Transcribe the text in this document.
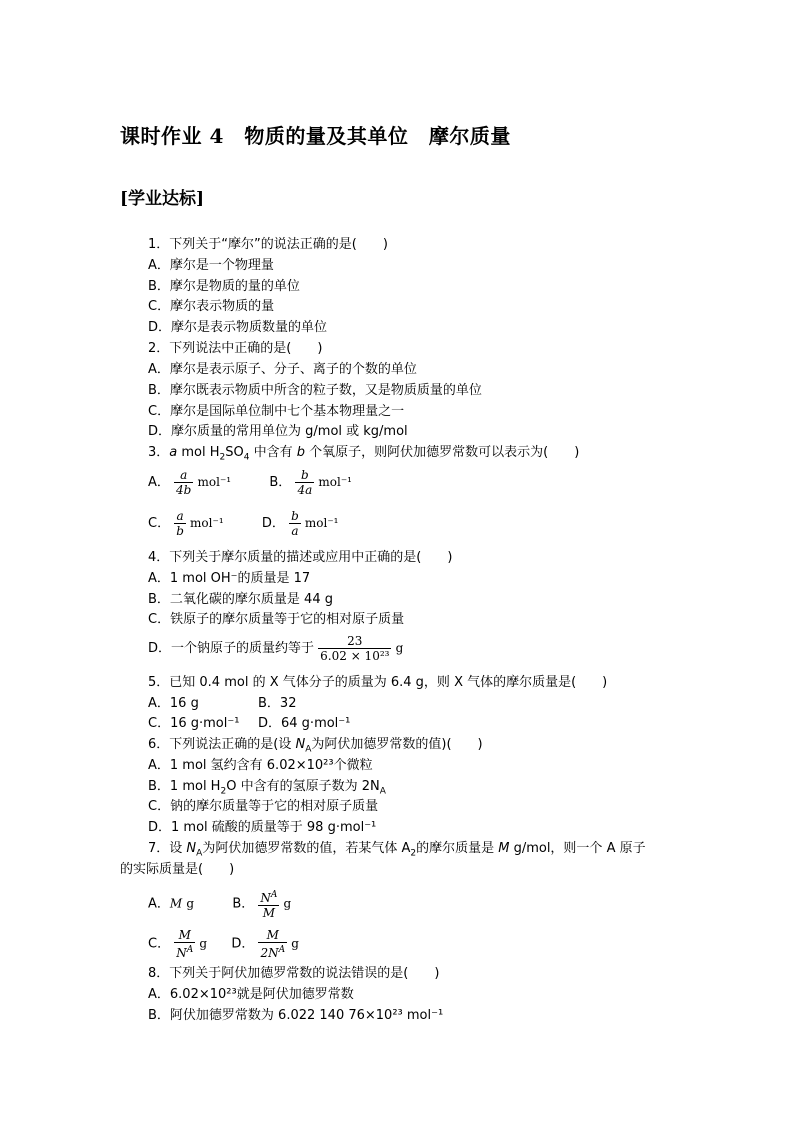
课时作业 4　物质的量及其单位　摩尔质量
[学业达标]
1．下列关于“摩尔”的说法正确的是(　　)
A．摩尔是一个物理量
B．摩尔是物质的量的单位
C．摩尔表示物质的量
D．摩尔是表示物质数量的单位
2．下列说法中正确的是(　　)
A．摩尔是表示原子、分子、离子的个数的单位
B．摩尔既表示物质中所含的粒子数，又是物质质量的单位
C．摩尔是国际单位制中七个基本物理量之一
D．摩尔质量的常用单位为 g/mol 或 kg/mol
3．a mol $H_2SO_4$ 中含有 b 个氧原子，则阿伏加德罗常数可以表示为(　　)
A． $\frac{a}{4b} mol^{-1}$	B． $\frac{b}{4a} mol^{-1}$
C． $\frac{a}{b} mol^{-1}$	D． $\frac{b}{a} mol^{-1}$
4．下列关于摩尔质量的描述或应用中正确的是(　　)
A．1 mol OH⁻的质量是 17
B．二氧化碳的摩尔质量是 44 g
C．铁原子的摩尔质量等于它的相对原子质量
D．一个钠原子的质量约等于 $\frac{23}{\text{6.02 × 10²³}}$ g
5．已知 0.4 mol 的 X 气体分子的质量为 6.4 g，则 X 气体的摩尔质量是(　　)
A．16 g	B．32
C．16 g·mol⁻¹ D．64 g·mol⁻¹
6．下列说法正确的是(设 $N_A$为阿伏加德罗常数的值)(　　)
A．1 mol 氢约含有 6.02×10²³个微粒
B．1 mol $H_2O$ 中含有的氢原子数为 $2N_A$
C．钠的摩尔质量等于它的相对原子质量
D．1 mol 硫酸的质量等于 98 g·mol⁻¹
7．设 $N_A$为阿伏加德罗常数的值，若某气体 $A_2$的摩尔质量是 M g/mol，则一个 A 原子
的实际质量是(　　)
A．M g	B． $\frac{N^A}{M}$ g
C． $\frac{M}{N^A}$ g D． $\frac{M}{2N^A}$ g
8．下列关于阿伏加德罗常数的说法错误的是(　　)
A．6.02×10²³就是阿伏加德罗常数
B．阿伏加德罗常数为 6.022 140 76×10²³ mol⁻¹
